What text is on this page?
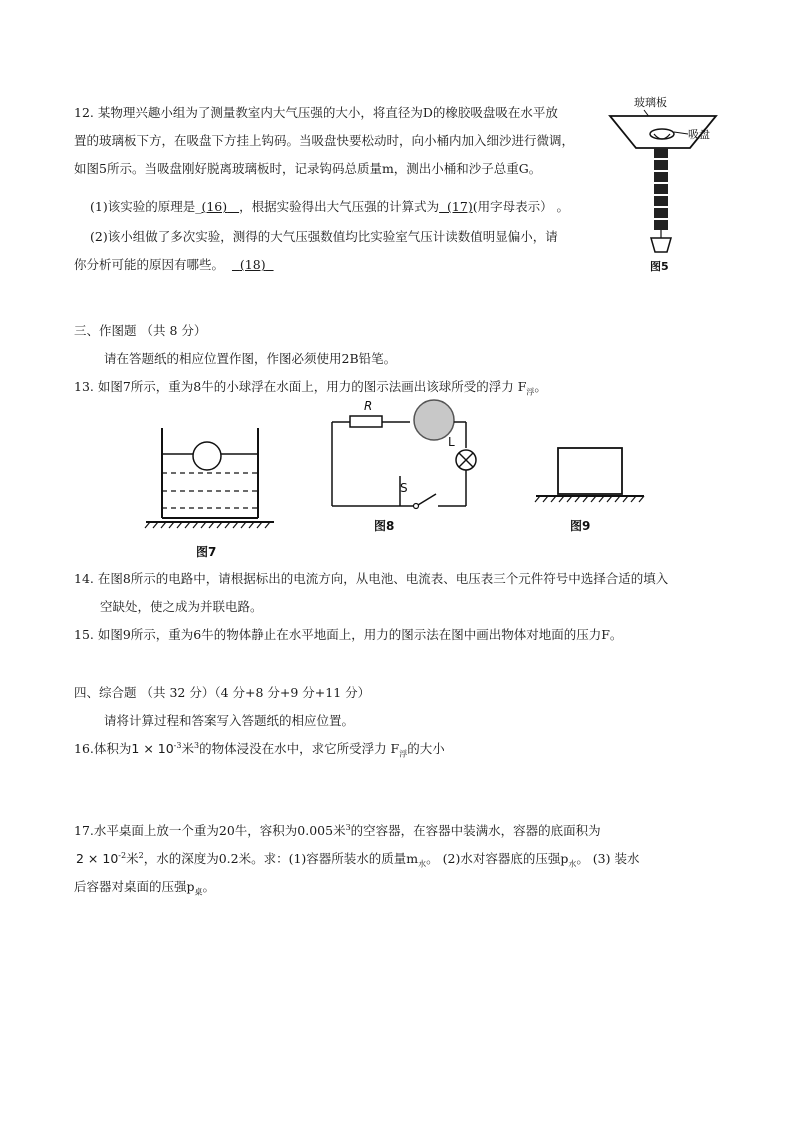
12. 某物理兴趣小组为了测量教室内大气压强的大小，将直径为D的橡胶吸盘吸在水平放
置的玻璃板下方，在吸盘下方挂上钩码。当吸盘快要松动时，向小桶内加入细沙进行微调，
如图5所示。当吸盘刚好脱离玻璃板时，记录钩码总质量m，测出小桶和沙子总重G。
(1)该实验的原理是_(16) ，根据实验得出大气压强的计算式为 (17)(用字母表示） 。
(2)该小组做了多次实验，测得的大气压强数值均比实验室气压计读数值明显偏小，请
你分析可能的原因有哪些。 (18)
玻璃板
吸盘
图5
三、作图题 （共 8 分）
请在答题纸的相应位置作图，作图必须使用2B铅笔。
13. 如图7所示，重为8牛的小球浮在水面上，用力的图示法画出该球所受的浮力 $F_浮$。
图7
R
L
S
图8	图9
14. 在图8所示的电路中，请根据标出的电流方向，从电池、电流表、电压表三个元件符号中选择合适的填入
空缺处，使之成为并联电路。
15. 如图9所示，重为6牛的物体静止在水平地面上，用力的图示法在图中画出物体对地面的压力F。
四、综合题 （共 32 分）（4 分+8 分+9 分+11 分）
请将计算过程和答案写入答题纸的相应位置。
16.体积为$1 \times 10^{-3}$米$^3$的物体浸没在水中，求它所受浮力 $F_浮$的大小
17.水平桌面上放一个重为20牛，容积为0.005米$^3$的空容器，在容器中装满水，容器的底面积为
$2 \times 10^{-2}$米$^2$，水的深度为0.2米。求：(1)容器所装水的质量$m_水$。 (2)水对容器底的压强$p_水$。 (3) 装水
后容器对桌面的压强$p_桌$。
